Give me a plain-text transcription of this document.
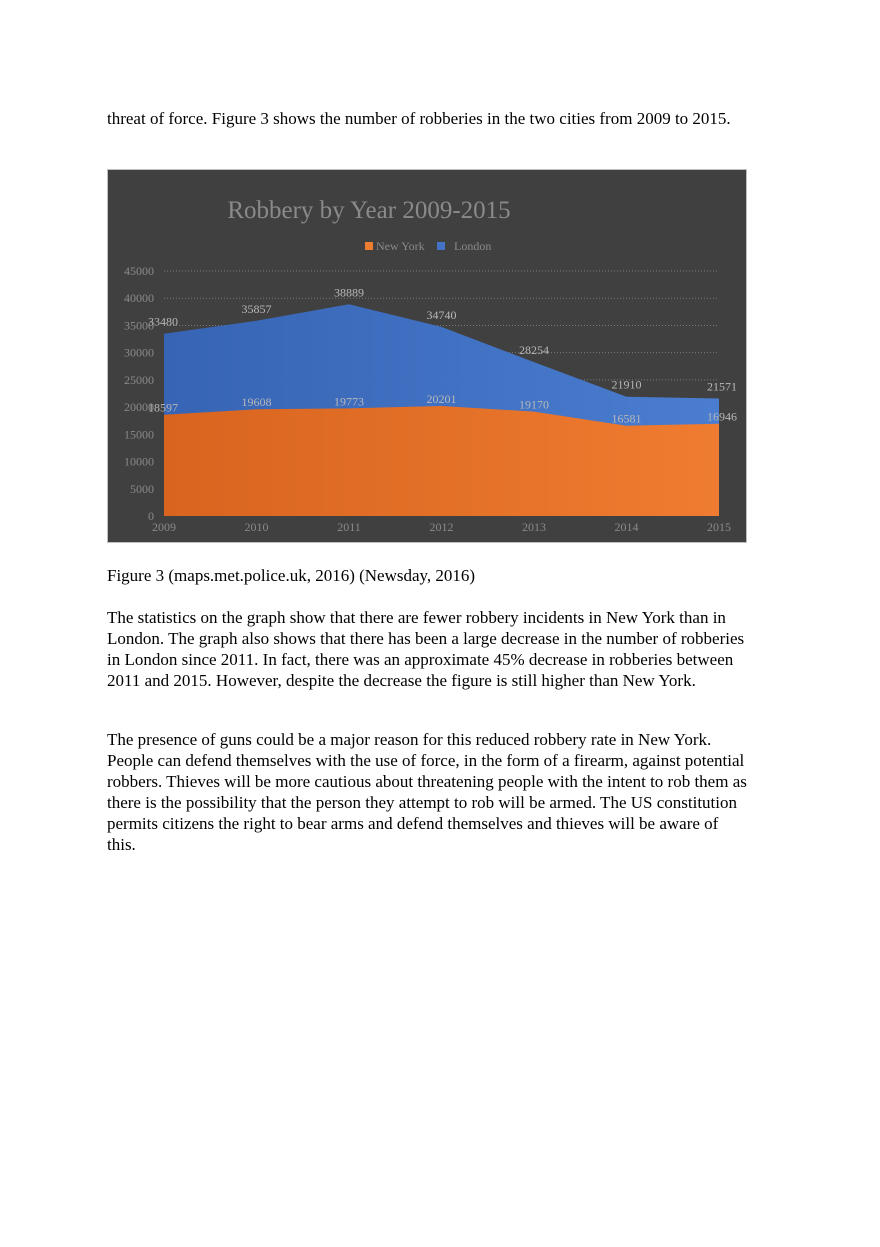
threat of force. Figure 3 shows the number of robberies in the two cities from 2009 to 2015.

Robbery by Year 2009-2015
New York London
0
5000
10000
15000
20000
25000
30000
35000
40000
45000
2009	2010	2011	2012	2013	2014	2015
18597	19608	19773	20201	19170
16581	16946
33480
35857
38889
34740
28254
21910	21571

Figure 3 (maps.met.police.uk, 2016) (Newsday, 2016)

The statistics on the graph show that there are fewer robbery incidents in New York than in London. The graph also shows that there has been a large decrease in the number of robberies in London since 2011. In fact, there was an approximate 45% decrease in robberies between 2011 and 2015. However, despite the decrease the figure is still higher than New York.

The presence of guns could be a major reason for this reduced robbery rate in New York. People can defend themselves with the use of force, in the form of a firearm, against potential robbers. Thieves will be more cautious about threatening people with the intent to rob them as there is the possibility that the person they attempt to rob will be armed. The US constitution permits citizens the right to bear arms and defend themselves and thieves will be aware of this.
